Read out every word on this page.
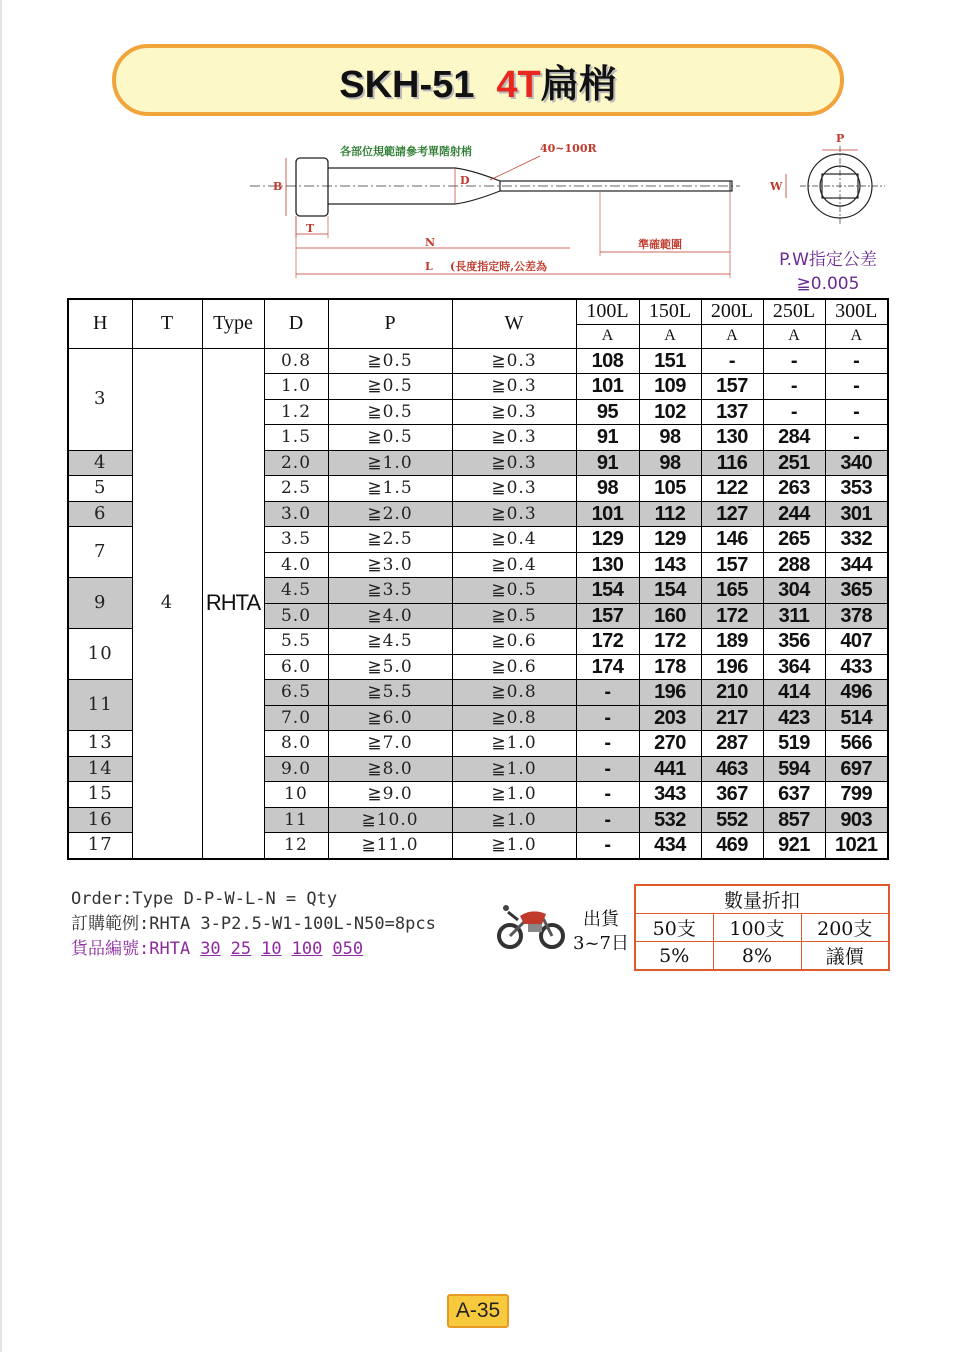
SKH-51 4T扁梢
B
T
D
各部位規範請參考單階射梢	40~100R
N
L (長度指定時,公差為
準確範圍
P
W
P.W指定公差
≧0.005
H	T	Type	D	P	W	100L	150L	200L	250L	300L
						A	A	A	A	A
3	4	RHTA	0.8	≧0.5	≧0.3	108	151	-	-	-
			1.0	≧0.5	≧0.3	101	109	157	-	-
			1.2	≧0.5	≧0.3	95	102	137	-	-
			1.5	≧0.5	≧0.3	91	98	130	284	-
4			2.0	≧1.0	≧0.3	91	98	116	251	340
5			2.5	≧1.5	≧0.3	98	105	122	263	353
6			3.0	≧2.0	≧0.3	101	112	127	244	301
7			3.5	≧2.5	≧0.4	129	129	146	265	332
			4.0	≧3.0	≧0.4	130	143	157	288	344
9			4.5	≧3.5	≧0.5	154	154	165	304	365
			5.0	≧4.0	≧0.5	157	160	172	311	378
10			5.5	≧4.5	≧0.6	172	172	189	356	407
			6.0	≧5.0	≧0.6	174	178	196	364	433
11			6.5	≧5.5	≧0.8	-	196	210	414	496
			7.0	≧6.0	≧0.8	-	203	217	423	514
13			8.0	≧7.0	≧1.0	-	270	287	519	566
14			9.0	≧8.0	≧1.0	-	441	463	594	697
15			10	≧9.0	≧1.0	-	343	367	637	799
16			11	≧10.0	≧1.0	-	532	552	857	903
17			12	≧11.0	≧1.0	-	434	469	921	1021
Order:Type D-P-W-L-N = Qty
訂購範例:RHTA 3-P2.5-W1-100L-N50=8pcs
貨品編號:RHTA 30 25 10 100 050
出貨
3~7日
數量折扣		
50支	100支	200支
5%	8%	議價
A-35
